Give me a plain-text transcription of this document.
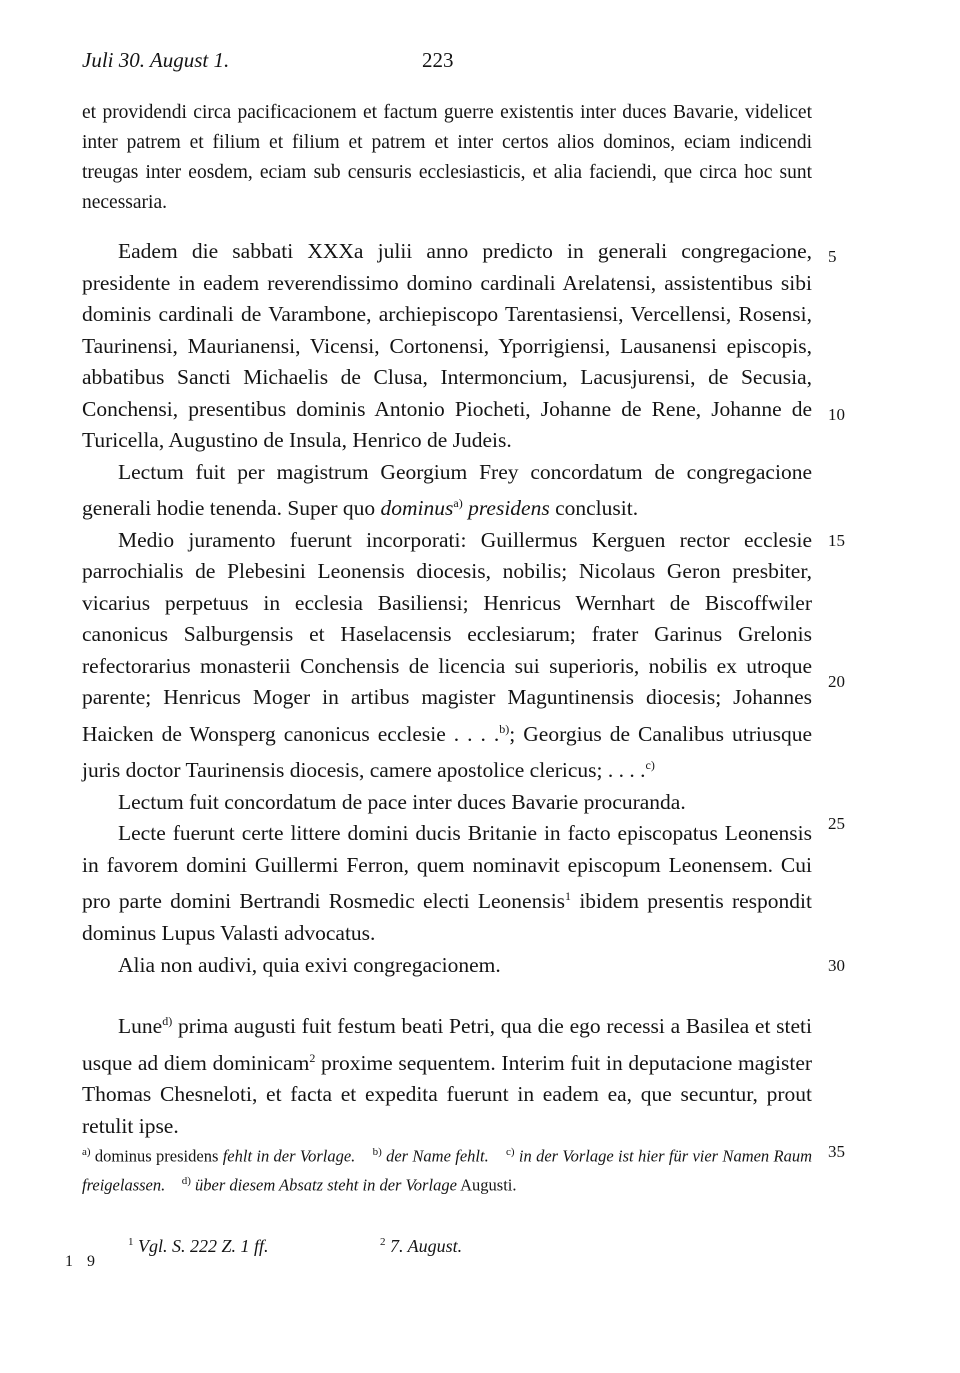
Juli 30. August 1.	223
et providendi circa pacificacionem et factum guerre existentis inter duces Bavarie, videlicet inter patrem et filium et filium et patrem et inter certos alios dominos, eciam indicendi treugas inter eosdem, eciam sub censuris ecclesiasticis, et alia faciendi, que circa hoc sunt necessaria.

Eadem die sabbati XXXa julii anno predicto in generali congregacione, presidente in eadem reverendissimo domino cardinali Arelatensi, assistentibus sibi dominis cardinali de Varambone, archiepiscopo Tarentasiensi, Vercellensi, Rosensi, Taurinensi, Maurianensi, Vicensi, Cortonensi, Yporrigiensi, Lausanensi episcopis, abbatibus Sancti Michaelis de Clusa, Intermoncium, Lacusjurensi, de Secusia, Conchensi, presentibus dominis Antonio Piocheti, Johanne de Rene, Johanne de Turicella, Augustino de Insula, Henrico de Judeis.

Lectum fuit per magistrum Georgium Frey concordatum de congregacione generali hodie tenenda. Super quo dominus$^{a)}$ presidens conclusit.

Medio juramento fuerunt incorporati: Guillermus Kerguen rector ecclesie parrochialis de Plebesini Leonensis diocesis, nobilis; Nicolaus Geron presbiter, vicarius perpetuus in ecclesia Basiliensi; Henricus Wernhart de Biscoffwiler canonicus Salburgensis et Haselacensis ecclesiarum; frater Garinus Grelonis refectorarius monasterii Conchensis de licencia sui superioris, nobilis ex utroque parente; Henricus Moger in artibus magister Maguntinensis diocesis; Johannes Haicken de Wonsperg canonicus ecclesie . . . .$^{b)}$; Georgius de Canalibus utriusque juris doctor Taurinensis diocesis, camere apostolice clericus; . . . .$^{c)}$

Lectum fuit concordatum de pace inter duces Bavarie procuranda.

Lecte fuerunt certe littere domini ducis Britanie in facto episcopatus Leonensis in favorem domini Guillermi Ferron, quem nominavit episcopum Leonensem. Cui pro parte domini Bertrandi Rosmedic electi Leonensis$^1$ ibidem presentis respondit dominus Lupus Valasti advocatus.

Alia non audivi, quia exivi congregacionem.

Lune$^{d)}$ prima augusti fuit festum beati Petri, qua die ego recessi a Basilea et steti usque ad diem dominicam$^2$ proxime sequentem. Interim fuit in deputacione magister Thomas Chesneloti, et facta et expedita fuerunt in eadem ea, que secuntur, prout retulit ipse.

5
10
15
20
25
30
35
$^{a)}$ dominus presidens fehlt in der Vorlage. $^{b)}$ der Name fehlt. $^{c)}$ in der Vorlage ist hier für vier Namen Raum freigelassen. $^{d)}$ über diesem Absatz steht in der Vorlage Augusti.
$^1$ Vgl. S. 222 Z. 1 ff.	$^2$ 7. August.
1 9
